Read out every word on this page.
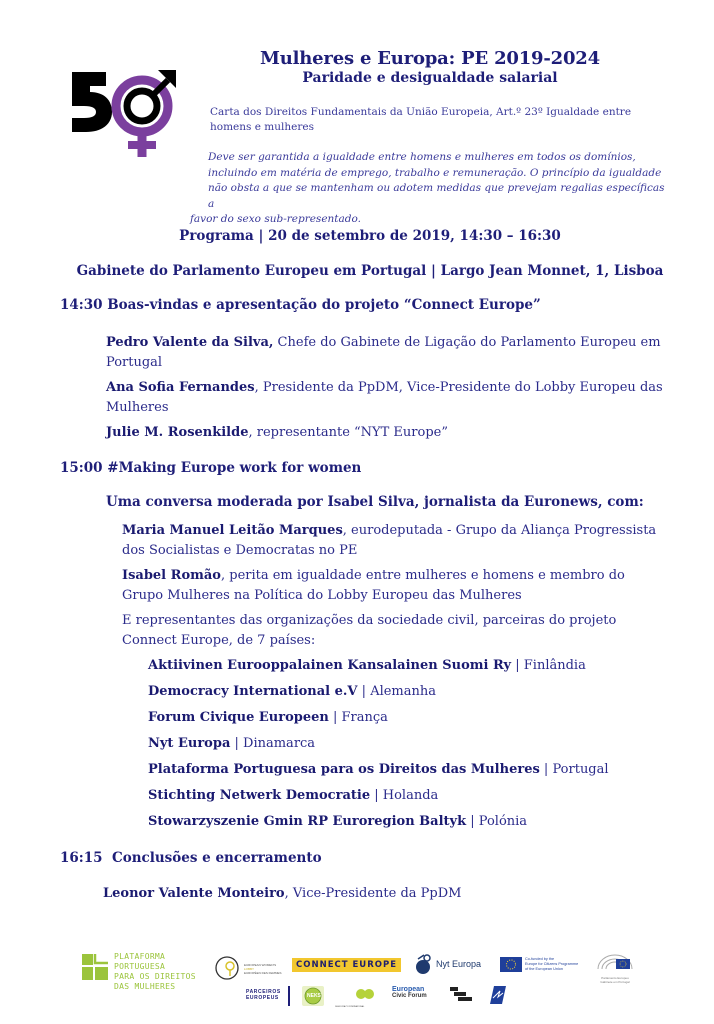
Mulheres e Europa: PE 2019-2024
Paridade e desigualdade salarial
Carta dos Direitos Fundamentais da União Europeia, Art.º 23º Igualdade entre homens e mulheres
Deve ser garantida a igualdade entre homens e mulheres em todos os domínios,
incluindo em matéria de emprego, trabalho e remuneração. O princípio da igualdade
não obsta a que se mantenham ou adotem medidas que prevejam regalias específicas a
favor do sexo sub-representado.
Programa | 20 de setembro de 2019, 14:30 – 16:30
Gabinete do Parlamento Europeu em Portugal | Largo Jean Monnet, 1, Lisboa
14:30 Boas-vindas e apresentação do projeto “Connect Europe”
Pedro Valente da Silva, Chefe do Gabinete de Ligação do Parlamento Europeu em Portugal
Ana Sofia Fernandes, Presidente da PpDM, Vice-Presidente do Lobby Europeu das Mulheres
Julie M. Rosenkilde, representante “NYT Europe”
15:00 #Making Europe work for women
Uma conversa moderada por Isabel Silva, jornalista da Euronews, com:
Maria Manuel Leitão Marques, eurodeputada - Grupo da Aliança Progressista dos Socialistas e Democratas no PE
Isabel Romão, perita em igualdade entre mulheres e homens e membro do Grupo Mulheres na Política do Lobby Europeu das Mulheres
E representantes das organizações da sociedade civil, parceiras do projeto Connect Europe, de 7 países:
Aktiivinen Eurooppalainen Kansalainen Suomi Ry | Finlândia
Democracy International e.V | Alemanha
Forum Civique Europeen | França
Nyt Europa | Dinamarca
Plataforma Portuguesa para os Direitos das Mulheres | Portugal
Stichting Netwerk Democratie | Holanda
Stowarzyszenie Gmin RP Euroregion Baltyk | Polónia
16:15  Conclusões e encerramento
Leonor Valente Monteiro, Vice-Presidente da PpDM
PLATAFORMA PORTUGUESA
PARA OS DIREITOS
DAS MULHERES
EUROPEAN WOMEN'S
LOBBY
EUROPÉEN DES FEMMES
CONNECT EUROPE	Nyt Europa	Co-funded by the
Europe for Citizens Programme
of the European Union
Parlamento Europeu
Gabinete em Portugal
PARCEIROS
EUROPEUS	NEKS
DEMOCRACY INTERNATIONAL
European
Civic Forum
